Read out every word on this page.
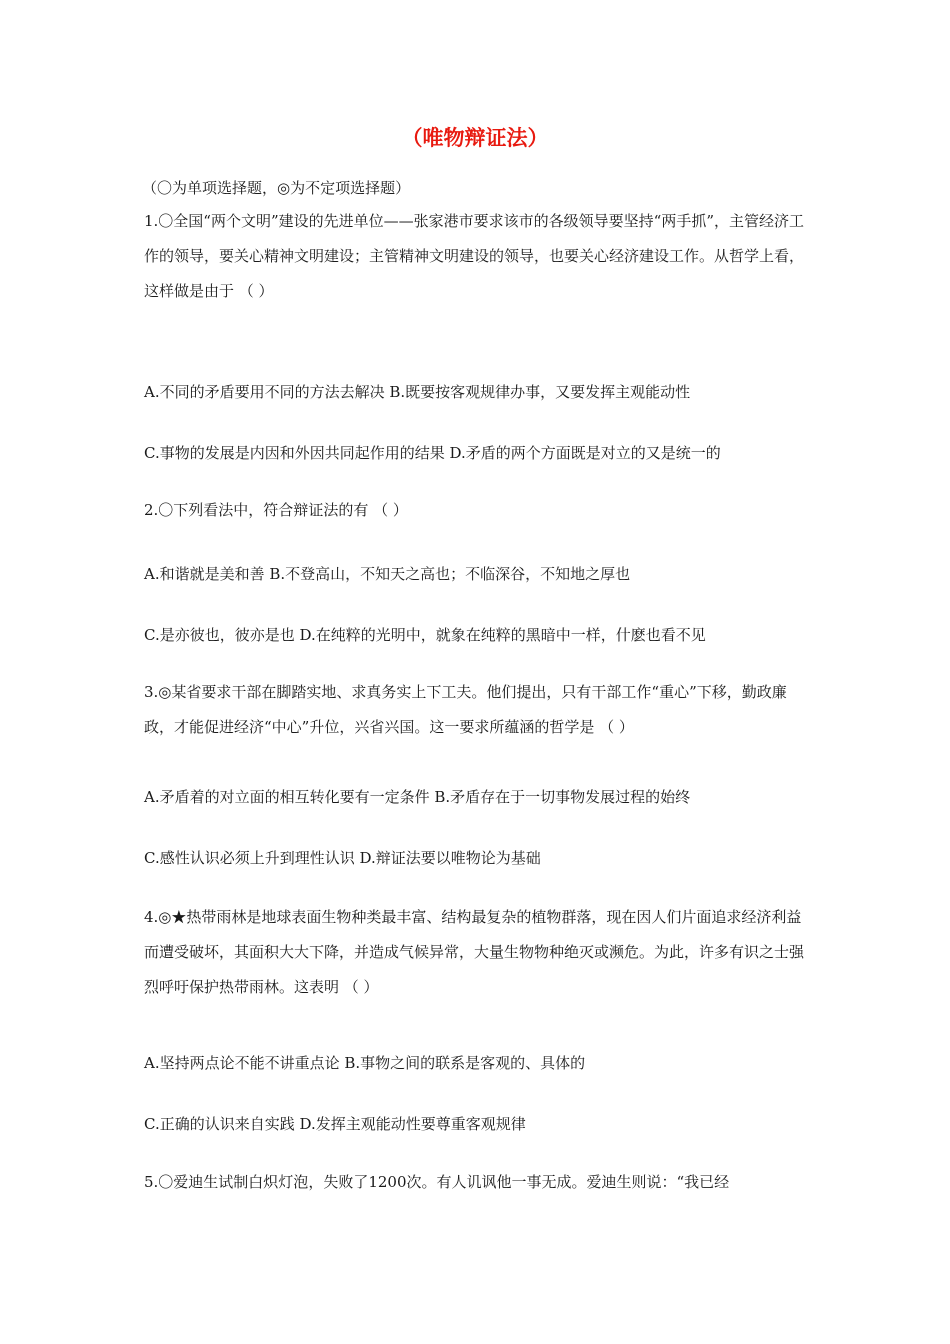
（唯物辩证法）
（〇为单项选择题，◎为不定项选择题）
1.〇全国“两个文明”建设的先进单位——张家港市要求该市的各级领导要坚持“两手抓”，主管经济工作的领导，要关心精神文明建设；主管精神文明建设的领导，也要关心经济建设工作。从哲学上看，这样做是由于 （ ）
A.不同的矛盾要用不同的方法去解决 B.既要按客观规律办事，又要发挥主观能动性
C.事物的发展是内因和外因共同起作用的结果 D.矛盾的两个方面既是对立的又是统一的
2.〇下列看法中，符合辩证法的有 （ ）
A.和谐就是美和善 B.不登高山，不知天之高也；不临深谷，不知地之厚也
C.是亦彼也，彼亦是也 D.在纯粹的光明中，就象在纯粹的黑暗中一样，什麽也看不见
3.◎某省要求干部在脚踏实地、求真务实上下工夫。他们提出，只有干部工作“重心”下移，勤政廉政，才能促进经济“中心”升位，兴省兴国。这一要求所蕴涵的哲学是 （ ）
A.矛盾着的对立面的相互转化要有一定条件 B.矛盾存在于一切事物发展过程的始终
C.感性认识必须上升到理性认识 D.辩证法要以唯物论为基础
4.◎★热带雨林是地球表面生物种类最丰富、结构最复杂的植物群落，现在因人们片面追求经济利益而遭受破坏，其面积大大下降，并造成气候异常，大量生物物种绝灭或濒危。为此，许多有识之士强烈呼吁保护热带雨林。这表明 （ ）
A.坚持两点论不能不讲重点论 B.事物之间的联系是客观的、具体的
C.正确的认识来自实践 D.发挥主观能动性要尊重客观规律
5.〇爱迪生试制白炽灯泡，失败了1200次。有人讥讽他一事无成。爱迪生则说：“我已经
